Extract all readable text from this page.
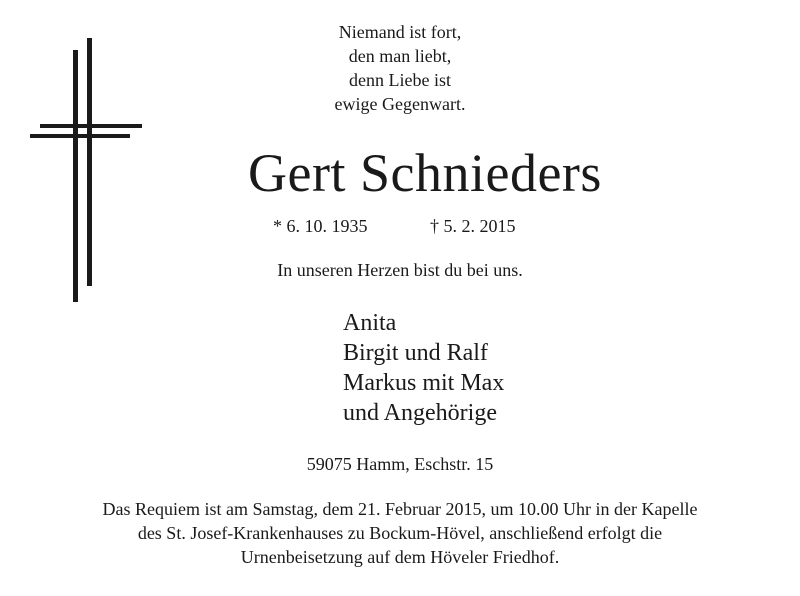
Niemand ist fort,
den man liebt,
denn Liebe ist
ewige Gegenwart.
Gert Schnieders
* 6. 10. 1935	† 5. 2. 2015
In unseren Herzen bist du bei uns.
Anita
Birgit und Ralf
Markus mit Max
und Angehörige
59075 Hamm, Eschstr. 15
Das Requiem ist am Samstag, dem 21. Februar 2015, um 10.00 Uhr in der Kapelle
des St. Josef-Krankenhauses zu Bockum-Hövel, anschließend erfolgt die
Urnenbeisetzung auf dem Höveler Friedhof.
